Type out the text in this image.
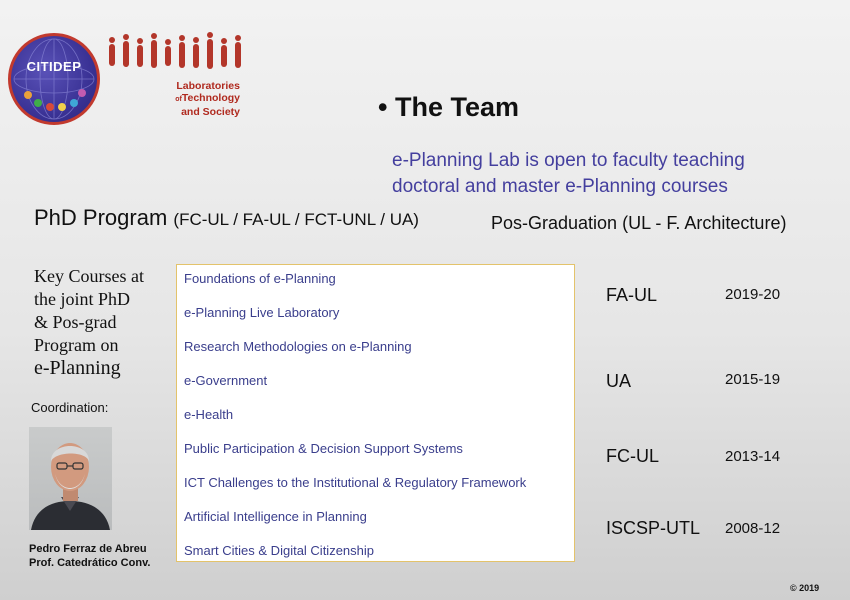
CITIDEP
Laboratories
ofTechnology
and Society	• The Team
e-Planning Lab is open to faculty teaching
doctoral and master e-Planning courses
PhD Program (FC-UL / FA-UL / FCT-UNL / UA)	Pos-Graduation (UL - F. Architecture)
Key Courses at
the joint PhD
& Pos-grad
Program on
e-Planning
Coordination:
Pedro Ferraz de Abreu
Prof. Catedrático Conv.
Foundations of e-Planning
e-Planning Live Laboratory
Research Methodologies on e-Planning
e-Government
e-Health
Public Participation & Decision Support Systems
ICT Challenges to the Institutional & Regulatory Framework
Artificial Intelligence in Planning
Smart Cities & Digital Citizenship
FA-UL	2019-20
UA	2015-19
FC-UL	2013-14
ISCSP-UTL 2008-12
© 2019
